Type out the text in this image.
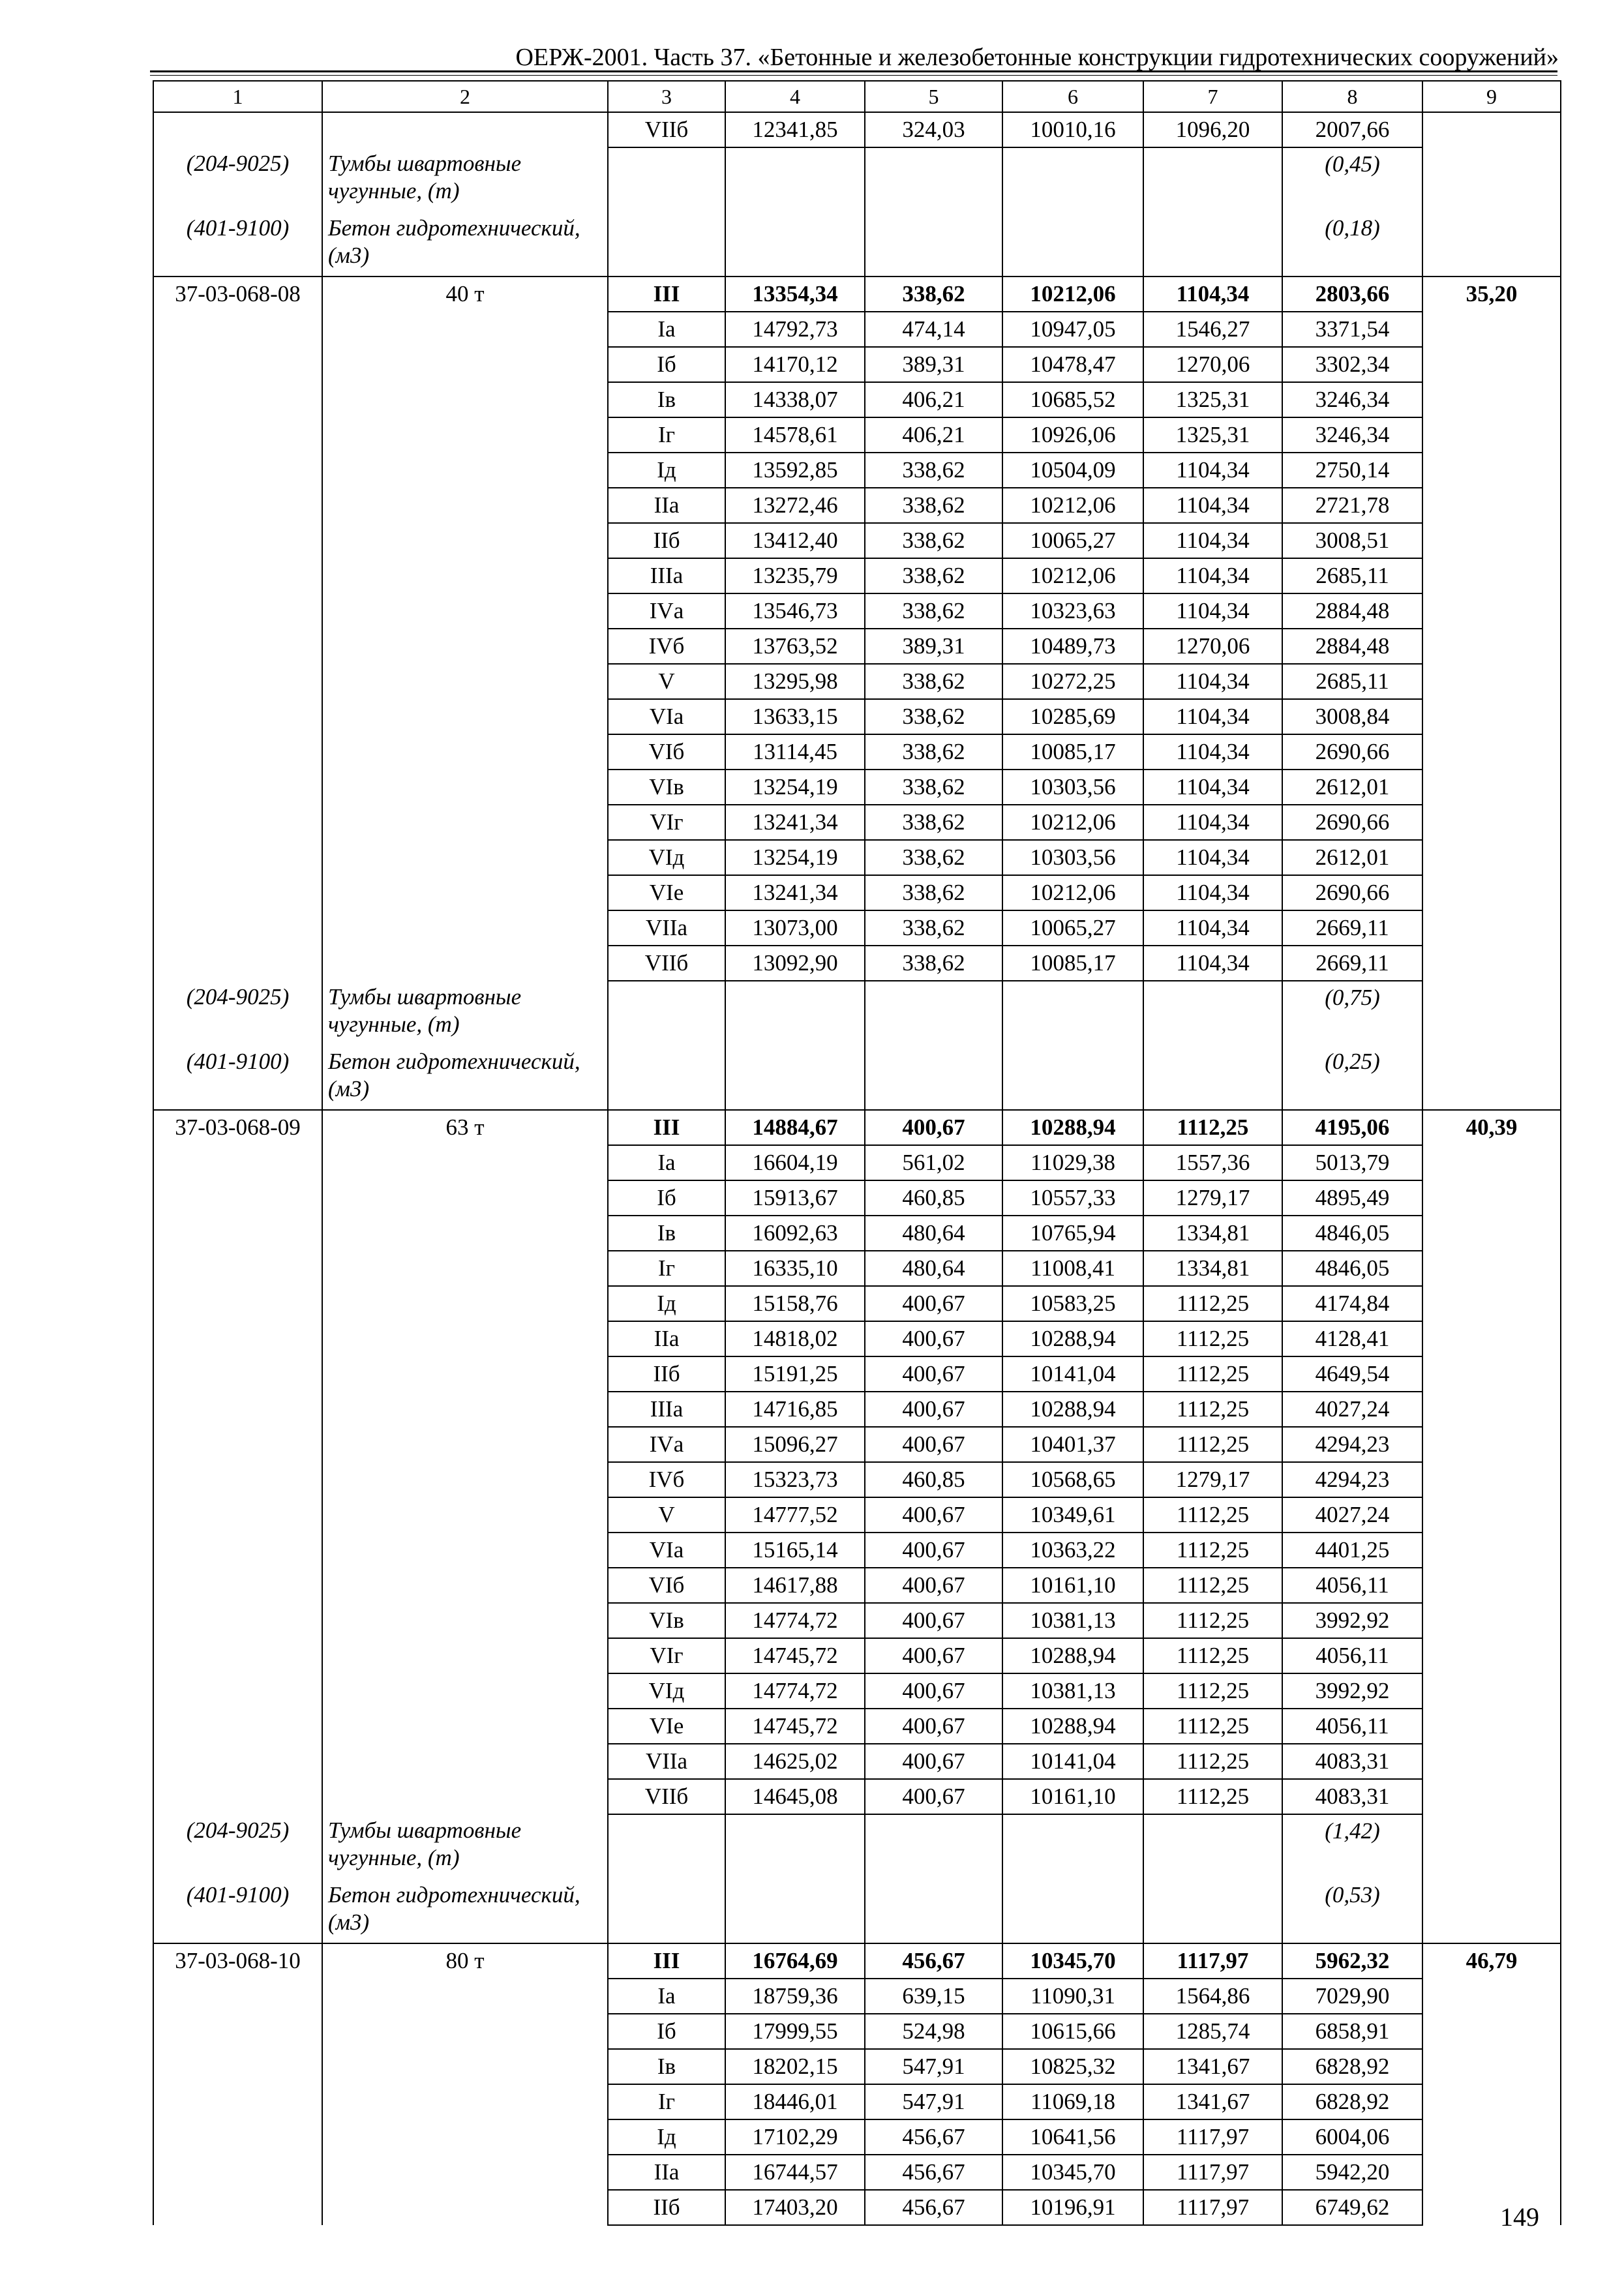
ОЕРЖ-2001. Часть 37. «Бетонные и железобетонные конструкции гидротехнических сооружений»
1	2	3	4	5	6	7	8	9
		VIIб	12341,85	324,03	10010,16	1096,20	2007,66	
(204-9025)	Тумбы швартовные чугунные, (т)						(0,45)	
(401-9100)	Бетон гидротехнический, (м3)						(0,18)	
37-03-068-08	40 т	III	13354,34	338,62	10212,06	1104,34	2803,66	35,20
		Iа	14792,73	474,14	10947,05	1546,27	3371,54	
		Iб	14170,12	389,31	10478,47	1270,06	3302,34	
		Iв	14338,07	406,21	10685,52	1325,31	3246,34	
		Iг	14578,61	406,21	10926,06	1325,31	3246,34	
		Iд	13592,85	338,62	10504,09	1104,34	2750,14	
		IIа	13272,46	338,62	10212,06	1104,34	2721,78	
		IIб	13412,40	338,62	10065,27	1104,34	3008,51	
		IIIа	13235,79	338,62	10212,06	1104,34	2685,11	
		IVа	13546,73	338,62	10323,63	1104,34	2884,48	
		IVб	13763,52	389,31	10489,73	1270,06	2884,48	
		V	13295,98	338,62	10272,25	1104,34	2685,11	
		VIа	13633,15	338,62	10285,69	1104,34	3008,84	
		VIб	13114,45	338,62	10085,17	1104,34	2690,66	
		VIв	13254,19	338,62	10303,56	1104,34	2612,01	
		VIг	13241,34	338,62	10212,06	1104,34	2690,66	
		VIд	13254,19	338,62	10303,56	1104,34	2612,01	
		VIе	13241,34	338,62	10212,06	1104,34	2690,66	
		VIIа	13073,00	338,62	10065,27	1104,34	2669,11	
		VIIб	13092,90	338,62	10085,17	1104,34	2669,11	
(204-9025)	Тумбы швартовные чугунные, (т)						(0,75)	
(401-9100)	Бетон гидротехнический, (м3)						(0,25)	
37-03-068-09	63 т	III	14884,67	400,67	10288,94	1112,25	4195,06	40,39
		Iа	16604,19	561,02	11029,38	1557,36	5013,79	
		Iб	15913,67	460,85	10557,33	1279,17	4895,49	
		Iв	16092,63	480,64	10765,94	1334,81	4846,05	
		Iг	16335,10	480,64	11008,41	1334,81	4846,05	
		Iд	15158,76	400,67	10583,25	1112,25	4174,84	
		IIа	14818,02	400,67	10288,94	1112,25	4128,41	
		IIб	15191,25	400,67	10141,04	1112,25	4649,54	
		IIIа	14716,85	400,67	10288,94	1112,25	4027,24	
		IVа	15096,27	400,67	10401,37	1112,25	4294,23	
		IVб	15323,73	460,85	10568,65	1279,17	4294,23	
		V	14777,52	400,67	10349,61	1112,25	4027,24	
		VIа	15165,14	400,67	10363,22	1112,25	4401,25	
		VIб	14617,88	400,67	10161,10	1112,25	4056,11	
		VIв	14774,72	400,67	10381,13	1112,25	3992,92	
		VIг	14745,72	400,67	10288,94	1112,25	4056,11	
		VIд	14774,72	400,67	10381,13	1112,25	3992,92	
		VIе	14745,72	400,67	10288,94	1112,25	4056,11	
		VIIа	14625,02	400,67	10141,04	1112,25	4083,31	
		VIIб	14645,08	400,67	10161,10	1112,25	4083,31	
(204-9025)	Тумбы швартовные чугунные, (т)						(1,42)	
(401-9100)	Бетон гидротехнический, (м3)						(0,53)	
37-03-068-10	80 т	III	16764,69	456,67	10345,70	1117,97	5962,32	46,79
		Iа	18759,36	639,15	11090,31	1564,86	7029,90	
		Iб	17999,55	524,98	10615,66	1285,74	6858,91	
		Iв	18202,15	547,91	10825,32	1341,67	6828,92	
		Iг	18446,01	547,91	11069,18	1341,67	6828,92	
		Iд	17102,29	456,67	10641,56	1117,97	6004,06	
		IIа	16744,57	456,67	10345,70	1117,97	5942,20	
		IIб	17403,20	456,67	10196,91	1117,97	6749,62		149
